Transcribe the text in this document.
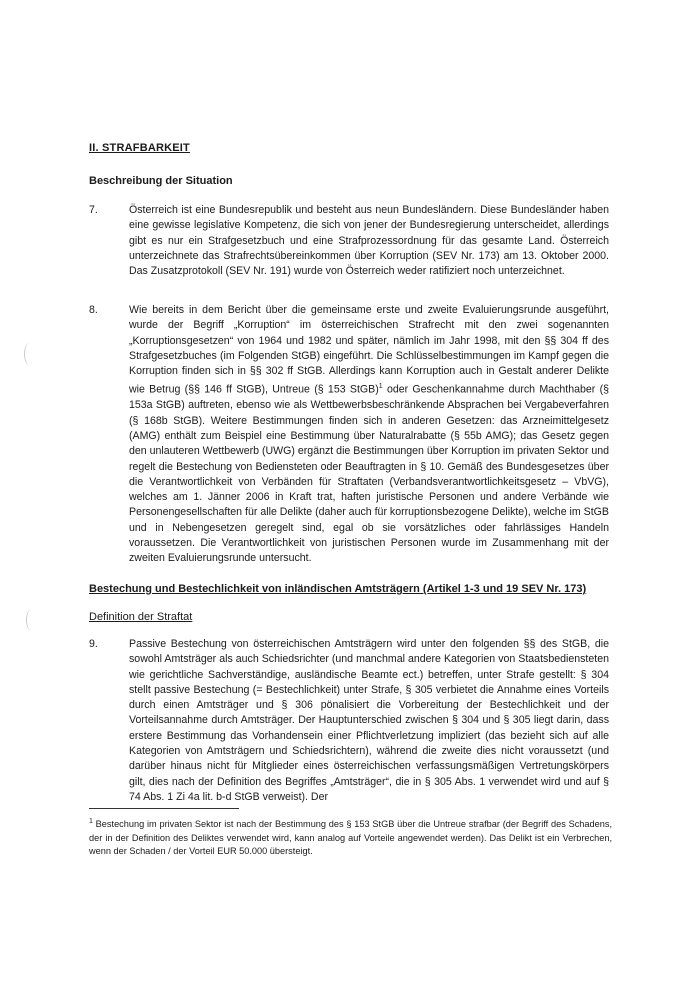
II. STRAFBARKEIT
Beschreibung der Situation
7.	Österreich ist eine Bundesrepublik und besteht aus neun Bundesländern. Diese Bundesländer haben eine gewisse legislative Kompetenz, die sich von jener der Bundesregierung unterscheidet, allerdings gibt es nur ein Strafgesetzbuch und eine Strafprozessordnung für das gesamte Land. Österreich unterzeichnete das Strafrechtsübereinkommen über Korruption (SEV Nr. 173) am 13. Oktober 2000. Das Zusatzprotokoll (SEV Nr. 191) wurde von Österreich weder ratifiziert noch unterzeichnet.
8.	Wie bereits in dem Bericht über die gemeinsame erste und zweite Evaluierungsrunde ausgeführt, wurde der Begriff „Korruption“ im österreichischen Strafrecht mit den zwei sogenannten „Korruptionsgesetzen“ von 1964 und 1982 und später, nämlich im Jahr 1998, mit den §§ 304 ff des Strafgesetzbuches (im Folgenden StGB) eingeführt. Die Schlüsselbestimmungen im Kampf gegen die Korruption finden sich in §§ 302 ff StGB. Allerdings kann Korruption auch in Gestalt anderer Delikte wie Betrug (§§ 146 ff StGB), Untreue (§ 153 StGB)$^1$ oder Geschenkannahme durch Machthaber (§ 153a StGB) auftreten, ebenso wie als Wettbewerbsbeschränkende Absprachen bei Vergabeverfahren (§ 168b StGB). Weitere Bestimmungen finden sich in anderen Gesetzen: das Arzneimittelgesetz (AMG) enthält zum Beispiel eine Bestimmung über Naturalrabatte (§ 55b AMG); das Gesetz gegen den unlauteren Wettbewerb (UWG) ergänzt die Bestimmungen über Korruption im privaten Sektor und regelt die Bestechung von Bediensteten oder Beauftragten in § 10. Gemäß des Bundesgesetzes über die Verantwortlichkeit von Verbänden für Straftaten (Verbandsverantwortlichkeitsgesetz – VbVG), welches am 1. Jänner 2006 in Kraft trat, haften juristische Personen und andere Verbände wie Personengesellschaften für alle Delikte (daher auch für korruptionsbezogene Delikte), welche im StGB und in Nebengesetzen geregelt sind, egal ob sie vorsätzliches oder fahrlässiges Handeln voraussetzen. Die Verantwortlichkeit von juristischen Personen wurde im Zusammenhang mit der zweiten Evaluierungsrunde untersucht.
Bestechung und Bestechlichkeit von inländischen Amtsträgern (Artikel 1-3 und 19 SEV Nr. 173)
Definition der Straftat
9.	Passive Bestechung von österreichischen Amtsträgern wird unter den folgenden §§ des StGB, die sowohl Amtsträger als auch Schiedsrichter (und manchmal andere Kategorien von Staatsbediensteten wie gerichtliche Sachverständige, ausländische Beamte ect.) betreffen, unter Strafe gestellt: § 304 stellt passive Bestechung (= Bestechlichkeit) unter Strafe, § 305 verbietet die Annahme eines Vorteils durch einen Amtsträger und § 306 pönalisiert die Vorbereitung der Bestechlichkeit und der Vorteilsannahme durch Amtsträger. Der Hauptunterschied zwischen § 304 und § 305 liegt darin, dass erstere Bestimmung das Vorhandensein einer Pflichtverletzung impliziert (das bezieht sich auf alle Kategorien von Amtsträgern und Schiedsrichtern), während die zweite dies nicht voraussetzt (und darüber hinaus nicht für Mitglieder eines österreichischen verfassungsmäßigen Vertretungskörpers gilt, dies nach der Definition des Begriffes „Amtsträger“, die in § 305 Abs. 1 verwendet wird und auf § 74 Abs. 1 Zi 4a lit. b-d StGB verweist). Der
$^1$ Bestechung im privaten Sektor ist nach der Bestimmung des § 153 StGB über die Untreue strafbar (der Begriff des Schadens, der in der Definition des Deliktes verwendet wird, kann analog auf Vorteile angewendet werden). Das Delikt ist ein Verbrechen, wenn der Schaden / der Vorteil EUR 50.000 übersteigt.
